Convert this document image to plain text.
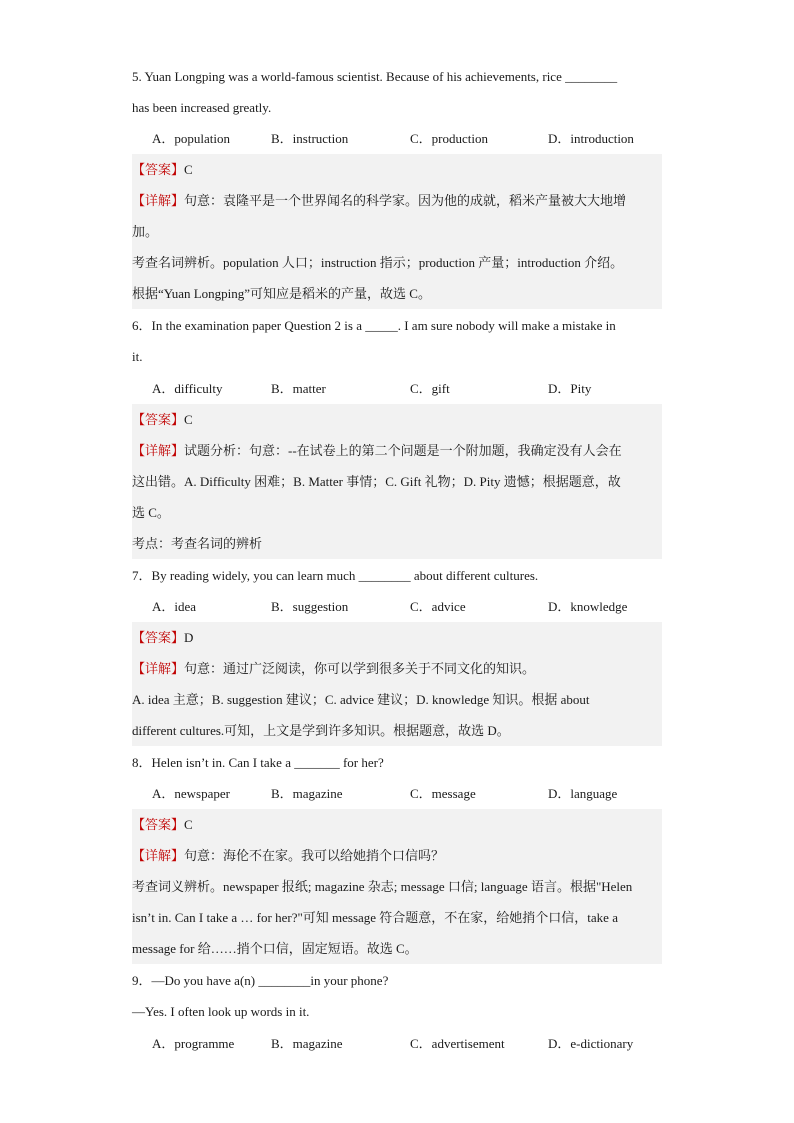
5. Yuan Longping was a world-famous scientist. Because of his achievements, rice ________
has been increased greatly.
A．population	B．instruction	C．production	D．introduction
【答案】C
【详解】句意：袁隆平是一个世界闻名的科学家。因为他的成就，稻米产量被大大地增
加。
考查名词辨析。population 人口；instruction 指示；production 产量；introduction 介绍。
根据“Yuan Longping”可知应是稻米的产量，故选 C。
6．In the examination paper Question 2 is a _____. I am sure nobody will make a mistake in
it.
A．difficulty	B．matter	C．gift	D．Pity
【答案】C
【详解】试题分析：句意：--在试卷上的第二个问题是一个附加题，我确定没有人会在
这出错。A. Difficulty 困难；B. Matter 事情；C. Gift 礼物；D. Pity 遗憾；根据题意，故
选 C。
考点：考查名词的辨析
7．By reading widely, you can learn much ________ about different cultures.
A．idea	B．suggestion	C．advice	D．knowledge
【答案】D
【详解】句意：通过广泛阅读，你可以学到很多关于不同文化的知识。
A. idea 主意；B. suggestion 建议；C. advice 建议；D. knowledge 知识。根据 about
different cultures.可知，上文是学到许多知识。根据题意，故选 D。
8．Helen isn’t in. Can I take a _______ for her?
A．newspaper	B．magazine	C．message	D．language
【答案】C
【详解】句意：海伦不在家。我可以给她捎个口信吗？
考查词义辨析。newspaper 报纸; magazine 杂志; message 口信; language 语言。根据"Helen
isn’t in. Can I take a … for her?"可知 message 符合题意，不在家，给她捎个口信，take a
message for 给……捎个口信，固定短语。故选 C。
9．—Do you have a(n) ________in your phone?
—Yes. I often look up words in it.
A．programme	B．magazine	C．advertisement	D．e-dictionary
